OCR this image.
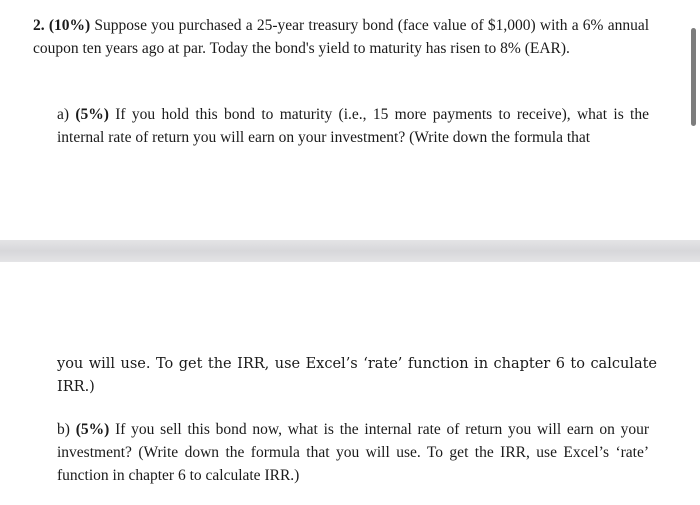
2. (10%) Suppose you purchased a 25-year treasury bond (face value of $1,000) with a 6% annual coupon ten years ago at par. Today the bond's yield to maturity has risen to 8% (EAR).

a) (5%) If you hold this bond to maturity (i.e., 15 more payments to receive), what is the internal rate of return you will earn on your investment? (Write down the formula that

you will use. To get the IRR, use Excel’s ‘rate’ function in chapter 6 to calculate IRR.)

b) (5%) If you sell this bond now, what is the internal rate of return you will earn on your investment? (Write down the formula that you will use. To get the IRR, use Excel’s ‘rate’ function in chapter 6 to calculate IRR.)
